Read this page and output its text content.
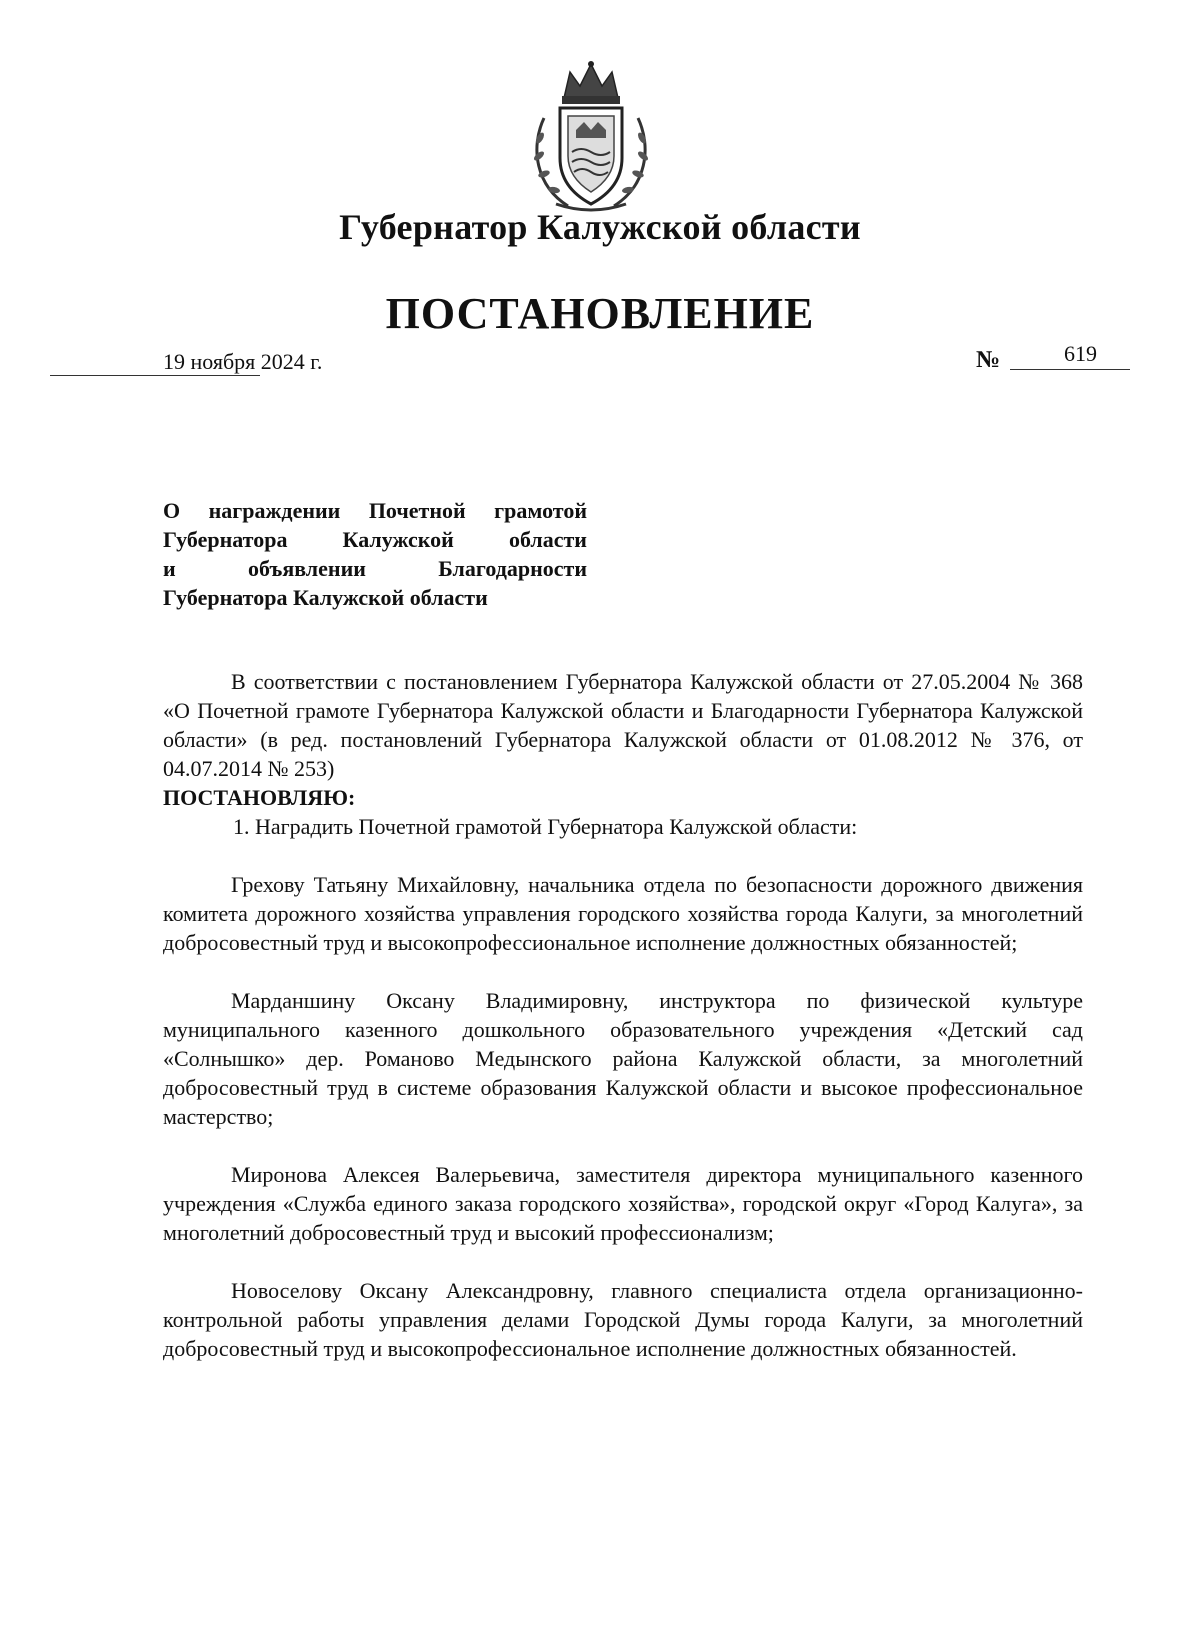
Губернатор Калужской области
ПОСТАНОВЛЕНИЕ
19 ноября 2024 г.	№	619
О награждении Почетной грамотой
Губернатора Калужской области
и объявлении Благодарности
Губернатора Калужской области

В соответствии с постановлением Губернатора Калужской области от 27.05.2004 № 368 «О Почетной грамоте Губернатора Калужской области и Благодарности Губернатора Калужской области» (в ред. постановлений Губернатора Калужской области от 01.08.2012 № 376, от 04.07.2014 № 253)

ПОСТАНОВЛЯЮ:

1. Наградить Почетной грамотой Губернатора Калужской области:

Грехову Татьяну Михайловну, начальника отдела по безопасности дорожного движения комитета дорожного хозяйства управления городского хозяйства города Калуги, за многолетний добросовестный труд и высокопрофессиональное исполнение должностных обязанностей;

Марданшину Оксану Владимировну, инструктора по физической культуре муниципального казенного дошкольного образовательного учреждения «Детский сад «Солнышко» дер. Романово Медынского района Калужской области, за многолетний добросовестный труд в системе образования Калужской области и высокое профессиональное мастерство;

Миронова Алексея Валерьевича, заместителя директора муниципального казенного учреждения «Служба единого заказа городского хозяйства», городской округ «Город Калуга», за многолетний добросовестный труд и высокий профессионализм;

Новоселову Оксану Александровну, главного специалиста отдела организационно-контрольной работы управления делами Городской Думы города Калуги, за многолетний добросовестный труд и высокопрофессиональное исполнение должностных обязанностей.
